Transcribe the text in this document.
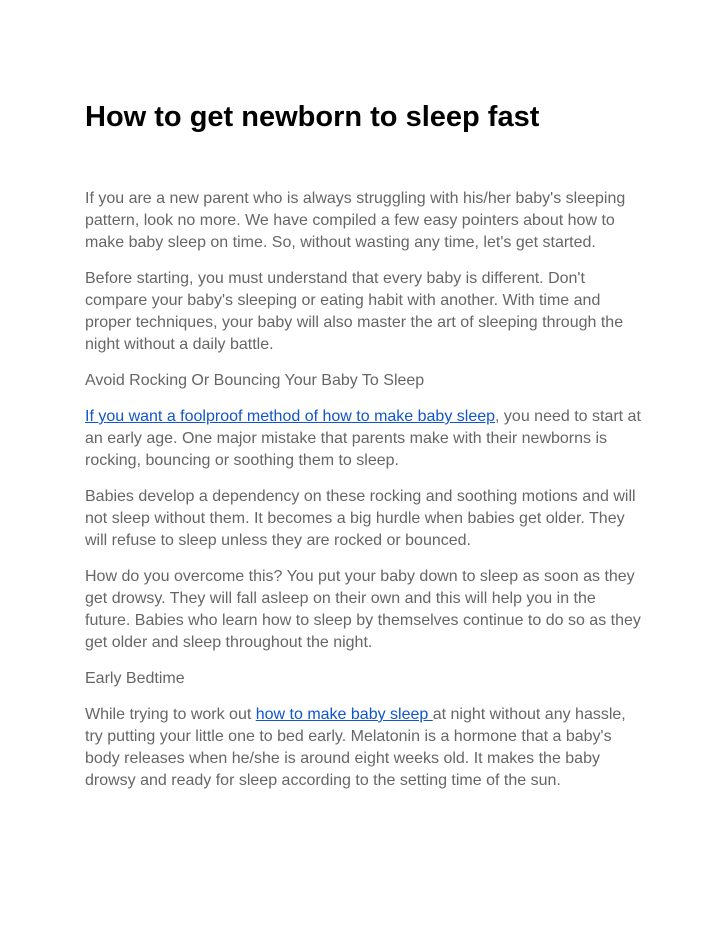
How to get newborn to sleep fast

If you are a new parent who is always struggling with his/her baby's sleeping pattern, look no more. We have compiled a few easy pointers about how to make baby sleep on time. So, without wasting any time, let's get started.

Before starting, you must understand that every baby is different. Don't compare your baby's sleeping or eating habit with another. With time and proper techniques, your baby will also master the art of sleeping through the night without a daily battle.

Avoid Rocking Or Bouncing Your Baby To Sleep

If you want a foolproof method of how to make baby sleep, you need to start at an early age. One major mistake that parents make with their newborns is rocking, bouncing or soothing them to sleep.

Babies develop a dependency on these rocking and soothing motions and will not sleep without them. It becomes a big hurdle when babies get older. They will refuse to sleep unless they are rocked or bounced.

How do you overcome this? You put your baby down to sleep as soon as they get drowsy. They will fall asleep on their own and this will help you in the future. Babies who learn how to sleep by themselves continue to do so as they get older and sleep throughout the night.

Early Bedtime

While trying to work out how to make baby sleep at night without any hassle, try putting your little one to bed early. Melatonin is a hormone that a baby's body releases when he/she is around eight weeks old. It makes the baby drowsy and ready for sleep according to the setting time of the sun.
